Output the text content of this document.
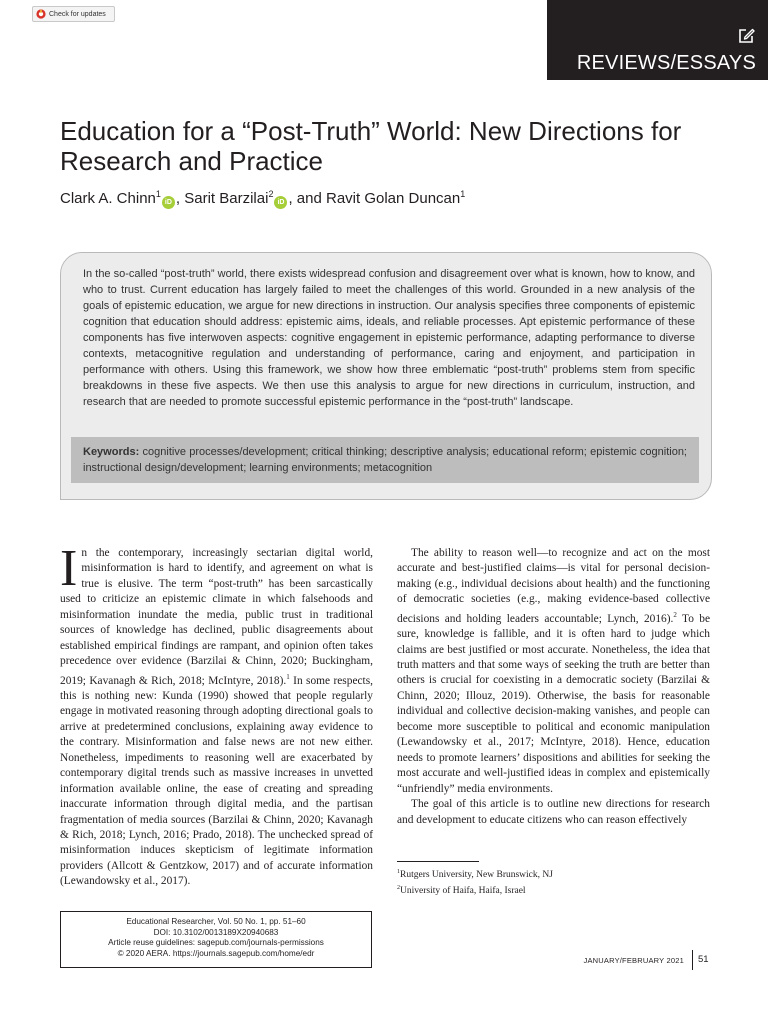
Check for updates
REVIEWS/ESSAYS
Education for a “Post-Truth” World: New Directions for Research and Practice
Clark A. Chinn$^1$iD , Sarit Barzilai$^2$iD , and Ravit Golan Duncan$^1$

In the so-called “post-truth” world, there exists widespread confusion and disagreement over what is known, how to know, and who to trust. Current education has largely failed to meet the challenges of this world. Grounded in a new analysis of the goals of epistemic education, we argue for new directions in instruction. Our analysis specifies three components of epistemic cognition that education should address: epistemic aims, ideals, and reliable processes. Apt epistemic performance of these components has five interwoven aspects: cognitive engagement in epistemic performance, adapting performance to diverse contexts, metacognitive regulation and understanding of performance, caring and enjoyment, and participation in performance with others. Using this framework, we show how three emblematic “post-truth” problems stem from specific breakdowns in these five aspects. We then use this analysis to argue for new directions in curriculum, instruction, and research that are needed to promote successful epistemic performance in the “post-truth” landscape.

Keywords: cognitive processes/development; critical thinking; descriptive analysis; educational reform; epistemic cognition; instructional design/development; learning environments; metacognition

In the contemporary, increasingly sectarian digital world, misinformation is hard to identify, and agreement on what is true is elusive. The term “post-truth” has been sarcastically used to criticize an epistemic climate in which falsehoods and misinformation inundate the media, public trust in traditional sources of knowledge has declined, public disagreements about established empirical findings are rampant, and opinion often takes precedence over evidence (Barzilai & Chinn, 2020; Buckingham, 2019; Kavanagh & Rich, 2018; McIntyre, 2018).$^1$ In some respects, this is nothing new: Kunda (1990) showed that people regularly engage in motivated reasoning through adopting directional goals to arrive at predetermined conclusions, explaining away evidence to the contrary. Misinformation and false news are not new either. Nonetheless, impediments to reasoning well are exacerbated by contemporary digital trends such as massive increases in unvetted information available online, the ease of creating and spreading inaccurate information through digital media, and the partisan fragmentation of media sources (Barzilai & Chinn, 2020; Kavanagh & Rich, 2018; Lynch, 2016; Prado, 2018). The unchecked spread of misinformation induces skepticism of legitimate information providers (Allcott & Gentzkow, 2017) and of accurate information (Lewandowsky et al., 2017).

The ability to reason well—to recognize and act on the most accurate and best-justified claims—is vital for personal decision-making (e.g., individual decisions about health) and the functioning of democratic societies (e.g., making evidence-based collective decisions and holding leaders accountable; Lynch, 2016).$^2$ To be sure, knowledge is fallible, and it is often hard to judge which claims are best justified or most accurate. Nonetheless, the idea that truth matters and that some ways of seeking the truth are better than others is crucial for coexisting in a democratic society (Barzilai & Chinn, 2020; Illouz, 2019). Otherwise, the basis for reasonable individual and collective decision-making vanishes, and people can become more susceptible to political and economic manipulation (Lewandowsky et al., 2017; McIntyre, 2018). Hence, education needs to promote learners’ dispositions and abilities for seeking the most accurate and well-justified ideas in complex and epistemically “unfriendly” media environments.

The goal of this article is to outline new directions for research and development to educate citizens who can reason effectively

$^1$Rutgers University, New Brunswick, NJ
$^2$University of Haifa, Haifa, Israel
Educational Researcher, Vol. 50 No. 1, pp. 51–60
DOI: 10.3102/0013189X20940683
Article reuse guidelines: sagepub.com/journals-permissions
© 2020 AERA. https://journals.sagepub.com/home/edr
JANUARY/FEBRUARY 2021 51
